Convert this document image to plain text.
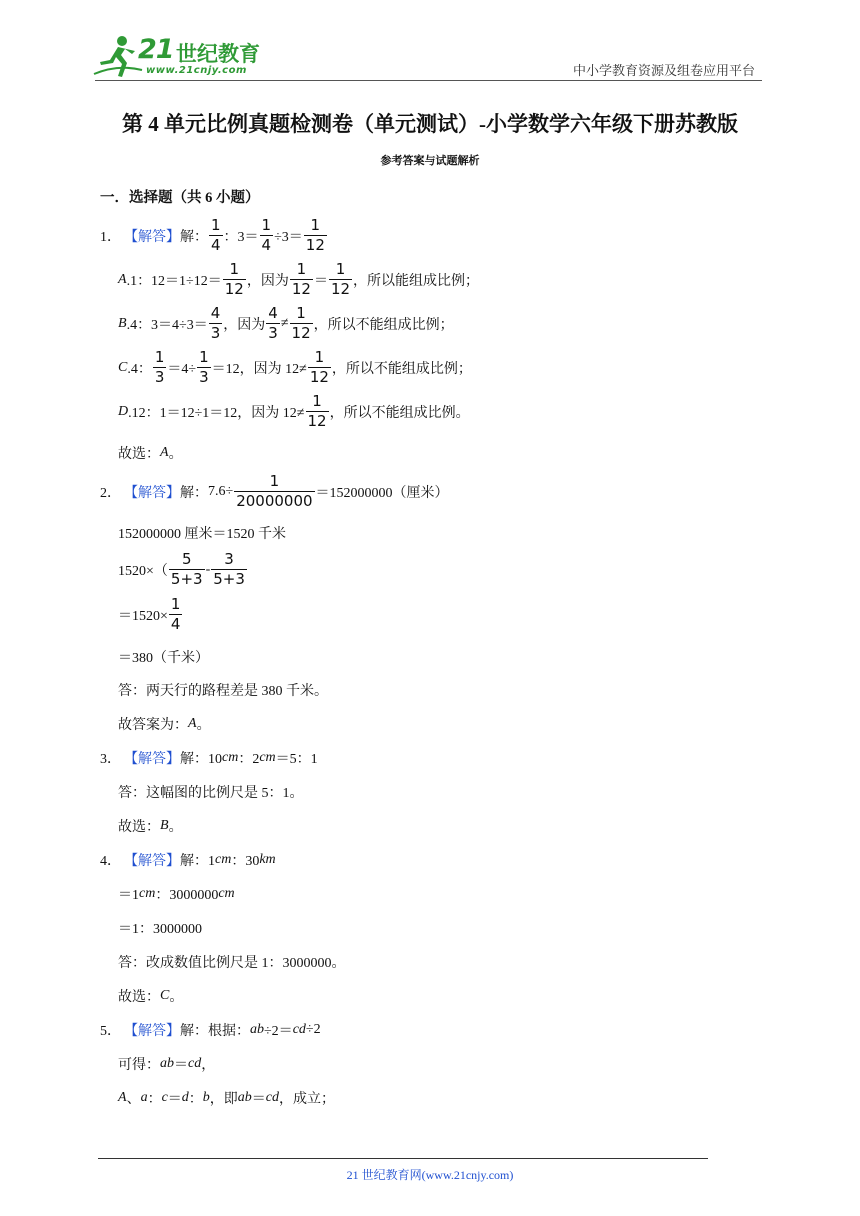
21 世纪教育
www.21cnjy.com	中小学教育资源及组卷应用平台
第 4 单元比例真题检测卷（单元测试）-小学数学六年级下册苏教版
参考答案与试题解析
一．选择题（共 6 小题）
1． 【解答】 解： $\frac{1}{4}$ ：$3= \frac{1}{4} \div 3= \frac{1}{12}$
A .1：$12=1\div 12= \frac{1}{12}$ ，因为 $\frac{1}{12} = \frac{1}{12}$ ，所以能组成比例；
B .4：$3=4\div 3= \frac{4}{3}$ ，因为 $\frac{4}{3} \ne \frac{1}{12}$ ，所以不能组成比例；
C .4： $\frac{1}{3} =4\div \frac{1}{3} =12$，因为 $12\ne \frac{1}{12}$ ，所以不能组成比例；
D .12：1＝12÷1＝12，因为 $12\ne \frac{1}{12}$ ，所以不能组成比例。
故选： A 。
2． 【解答】 解： $7.6\div \frac{1}{20000000} =152000000$（厘米）
152000000 厘米＝1520 千米
$1520\times( \frac{5}{5+3} - \frac{3}{5+3}$
$=1520\times \frac{1}{4}$
＝380（千米）
答：两天行的路程差是 380 千米。
故答案为： A 。
3． 【解答】 解：10 cm ：2 cm ＝5：1
答：这幅图的比例尺是 5：1。
故选： B 。
4． 【解答】 解：1 cm ：30 km
＝1 cm ：3000000 cm
＝1：3000000
答：改成数值比例尺是 1：3000000。
故选： C 。
5． 【解答】 解：根据： ab ÷2＝ cd ÷2
可得： ab ＝ cd ，
A 、 a ： c ＝ d ： b ，即 ab ＝ cd ，成立；
21 世纪教育网(www.21cnjy.com)
